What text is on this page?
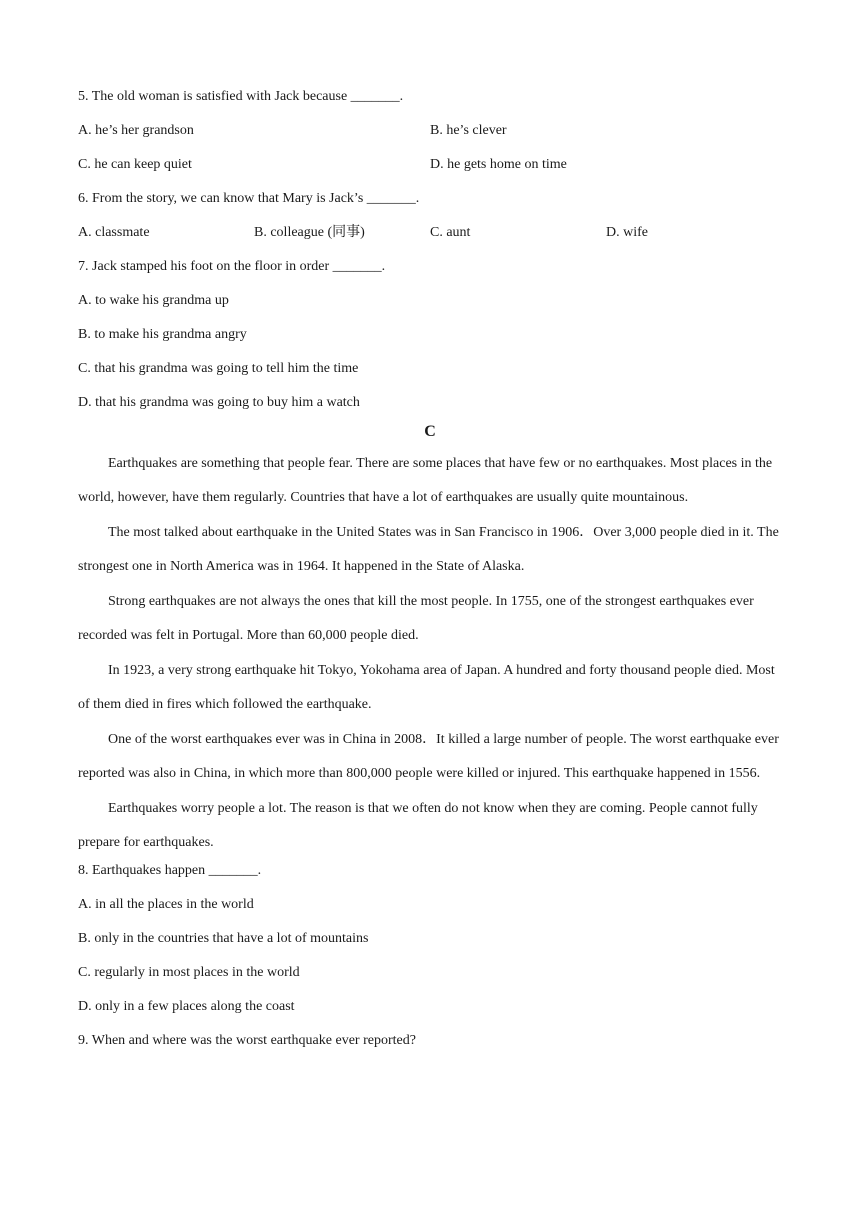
5. The old woman is satisfied with Jack because _______.
A. he’s her grandson	B. he’s clever
C. he can keep quiet	D. he gets home on time
6. From the story, we can know that Mary is Jack’s _______.
A. classmate	B. colleague (同事)	C. aunt	D. wife
7. Jack stamped his foot on the floor in order _______.
A. to wake his grandma up
B. to make his grandma angry
C. that his grandma was going to tell him the time
D. that his grandma was going to buy him a watch
C

Earthquakes are something that people fear. There are some places that have few or no earthquakes. Most places in the world, however, have them regularly. Countries that have a lot of earthquakes are usually quite mountainous.

The most talked about earthquake in the United States was in San Francisco in 1906．Over 3,000 people died in it. The strongest one in North America was in 1964. It happened in the State of Alaska.

Strong earthquakes are not always the ones that kill the most people. In 1755, one of the strongest earthquakes ever recorded was felt in Portugal. More than 60,000 people died.

In 1923, a very strong earthquake hit Tokyo, Yokohama area of Japan. A hundred and forty thousand people died. Most of them died in fires which followed the earthquake.

One of the worst earthquakes ever was in China in 2008．It killed a large number of people. The worst earthquake ever reported was also in China, in which more than 800,000 people were killed or injured. This earthquake happened in 1556.

Earthquakes worry people a lot. The reason is that we often do not know when they are coming. People cannot fully prepare for earthquakes.

8. Earthquakes happen _______.
A. in all the places in the world
B. only in the countries that have a lot of mountains
C. regularly in most places in the world
D. only in a few places along the coast
9. When and where was the worst earthquake ever reported?
